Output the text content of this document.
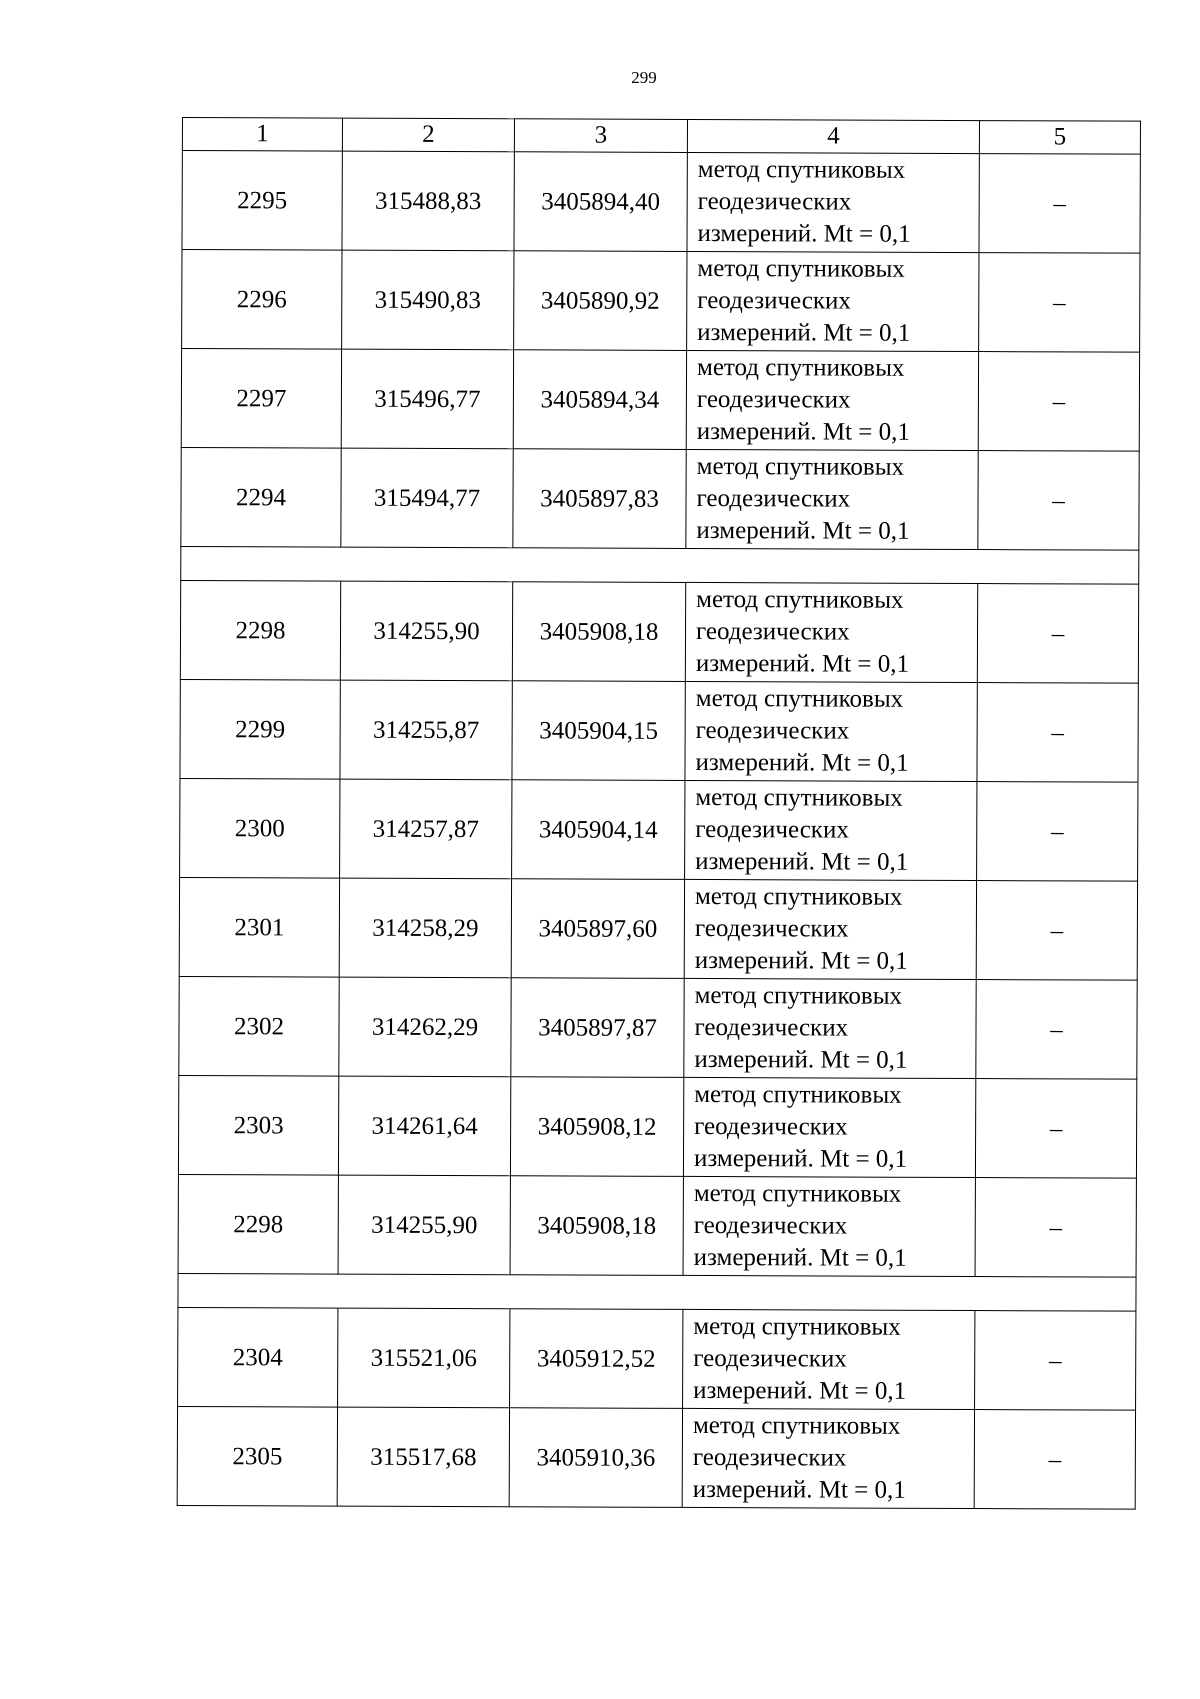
299
1	2	3	4	5
2295	315488,83	3405894,40	метод спутниковых
геодезических
измерений. Mt = 0,1	–
2296	315490,83	3405890,92	метод спутниковых
геодезических
измерений. Mt = 0,1	–
2297	315496,77	3405894,34	метод спутниковых
геодезических
измерений. Mt = 0,1	–
2294	315494,77	3405897,83	метод спутниковых
геодезических
измерений. Mt = 0,1	–

2298	314255,90	3405908,18	метод спутниковых
геодезических
измерений. Mt = 0,1	–
2299	314255,87	3405904,15	метод спутниковых
геодезических
измерений. Mt = 0,1	–
2300	314257,87	3405904,14	метод спутниковых
геодезических
измерений. Mt = 0,1	–
2301	314258,29	3405897,60	метод спутниковых
геодезических
измерений. Mt = 0,1	–
2302	314262,29	3405897,87	метод спутниковых
геодезических
измерений. Mt = 0,1	–
2303	314261,64	3405908,12	метод спутниковых
геодезических
измерений. Mt = 0,1	–
2298	314255,90	3405908,18	метод спутниковых
геодезических
измерений. Mt = 0,1	–

2304	315521,06	3405912,52	метод спутниковых
геодезических
измерений. Mt = 0,1	–
2305	315517,68	3405910,36	метод спутниковых
геодезических
измерений. Mt = 0,1	–
